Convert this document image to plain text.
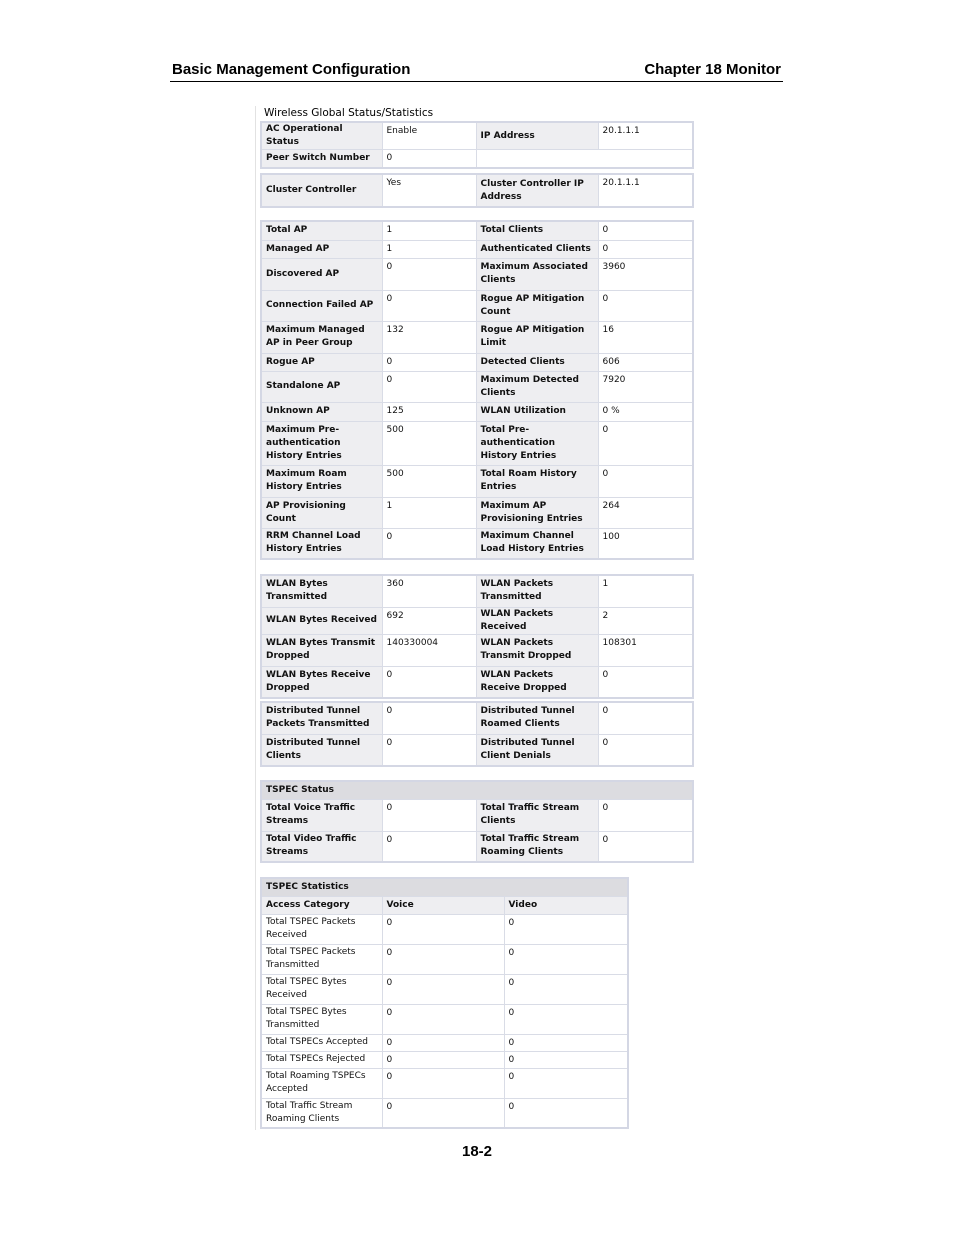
Basic Management Configuration	Chapter 18 Monitor
Wireless Global Status/Statistics
AC Operational Status	Enable	IP Address	20.1.1.1
Peer Switch Number	0		
Cluster Controller	Yes	Cluster Controller IP Address	20.1.1.1
Total AP	1	Total Clients	0
Managed AP	1	Authenticated Clients	0
Discovered AP	0	Maximum Associated Clients	3960
Connection Failed AP	0	Rogue AP Mitigation Count	0
Maximum Managed AP in Peer Group	132	Rogue AP Mitigation Limit	16
Rogue AP	0	Detected Clients	606
Standalone AP	0	Maximum Detected Clients	7920
Unknown AP	125	WLAN Utilization	0 %
Maximum Pre-authentication History Entries	500	Total Pre-authentication History Entries	0
Maximum Roam History Entries	500	Total Roam History Entries	0
AP Provisioning Count	1	Maximum AP Provisioning Entries	264
RRM Channel Load History Entries	0	Maximum Channel Load History Entries	100
WLAN Bytes Transmitted	360	WLAN Packets Transmitted	1
WLAN Bytes Received	692	WLAN Packets Received	2
WLAN Bytes Transmit Dropped	140330004	WLAN Packets Transmit Dropped	108301
WLAN Bytes Receive Dropped	0	WLAN Packets Receive Dropped	0
Distributed Tunnel Packets Transmitted	0	Distributed Tunnel Roamed Clients	0
Distributed Tunnel Clients	0	Distributed Tunnel Client Denials	0
TSPEC Status			
Total Voice Traffic Streams	0	Total Traffic Stream Clients	0
Total Video Traffic Streams	0	Total Traffic Stream Roaming Clients	0
TSPEC Statistics		
Access Category	Voice	Video
Total TSPEC Packets Received	0	0
Total TSPEC Packets Transmitted	0	0
Total TSPEC Bytes Received	0	0
Total TSPEC Bytes Transmitted	0	0
Total TSPECs Accepted	0	0
Total TSPECs Rejected	0	0
Total Roaming TSPECs Accepted	0	0
Total Traffic Stream Roaming Clients	0	0
18-2
